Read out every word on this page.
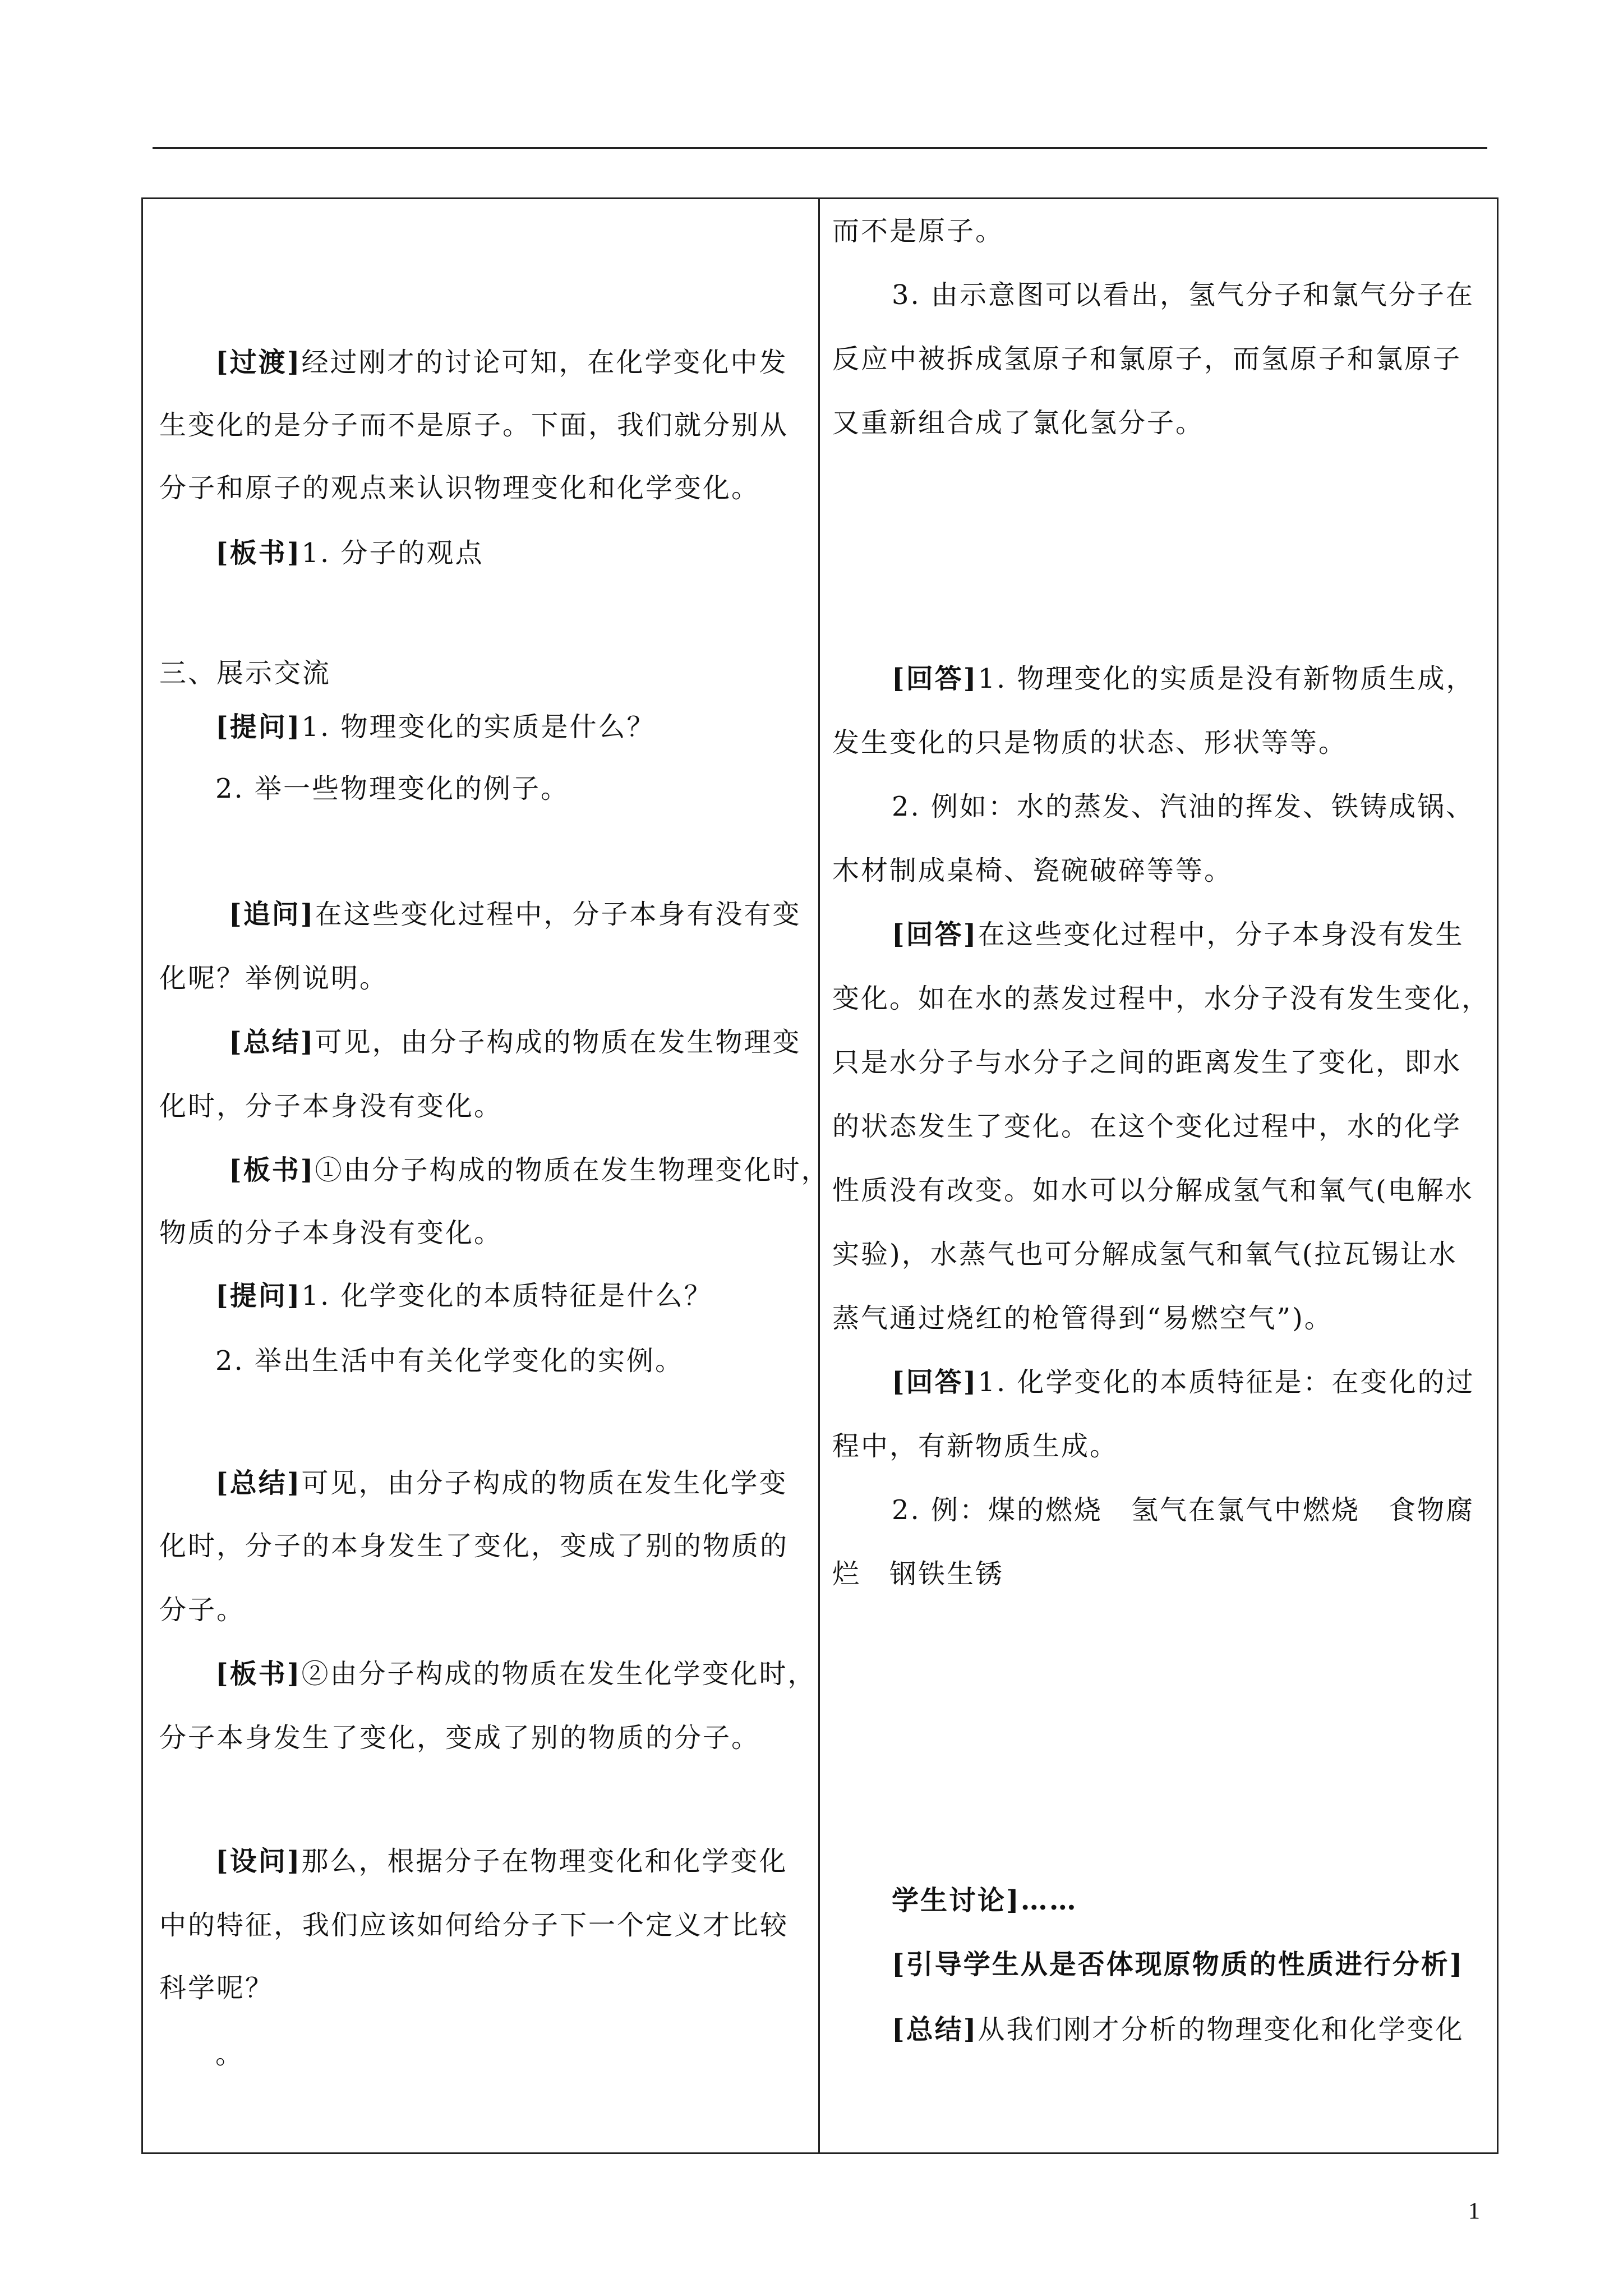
[过渡]经过刚才的讨论可知，在化学变化中发
生变化的是分子而不是原子。下面，我们就分别从
分子和原子的观点来认识物理变化和化学变化。
[板书]1. 分子的观点
三、展示交流
[提问]1. 物理变化的实质是什么？
2. 举一些物理变化的例子。
[追问]在这些变化过程中，分子本身有没有变
化呢？举例说明。
[总结]可见，由分子构成的物质在发生物理变
化时，分子本身没有变化。
[板书]①由分子构成的物质在发生物理变化时，
物质的分子本身没有变化。
[提问]1. 化学变化的本质特征是什么？
2. 举出生活中有关化学变化的实例。
[总结]可见，由分子构成的物质在发生化学变
化时，分子的本身发生了变化，变成了别的物质的
分子。
[板书]②由分子构成的物质在发生化学变化时，
分子本身发生了变化，变成了别的物质的分子。
[设问]那么，根据分子在物理变化和化学变化
中的特征，我们应该如何给分子下一个定义才比较
科学呢？
。
而不是原子。
3. 由示意图可以看出，氢气分子和氯气分子在
反应中被拆成氢原子和氯原子，而氢原子和氯原子
又重新组合成了氯化氢分子。
[回答]1. 物理变化的实质是没有新物质生成，
发生变化的只是物质的状态、形状等等。
2. 例如：水的蒸发、汽油的挥发、铁铸成锅、
木材制成桌椅、瓷碗破碎等等。
[回答]在这些变化过程中，分子本身没有发生
变化。如在水的蒸发过程中，水分子没有发生变化，
只是水分子与水分子之间的距离发生了变化，即水
的状态发生了变化。在这个变化过程中，水的化学
性质没有改变。如水可以分解成氢气和氧气(电解水
实验)，水蒸气也可分解成氢气和氧气(拉瓦锡让水
蒸气通过烧红的枪管得到“易燃空气”)。
[回答]1. 化学变化的本质特征是：在变化的过
程中，有新物质生成。
2. 例：煤的燃烧　氢气在氯气中燃烧　食物腐
烂　钢铁生锈
学生讨论]……
[引导学生从是否体现原物质的性质进行分析]
[总结]从我们刚才分析的物理变化和化学变化
1
